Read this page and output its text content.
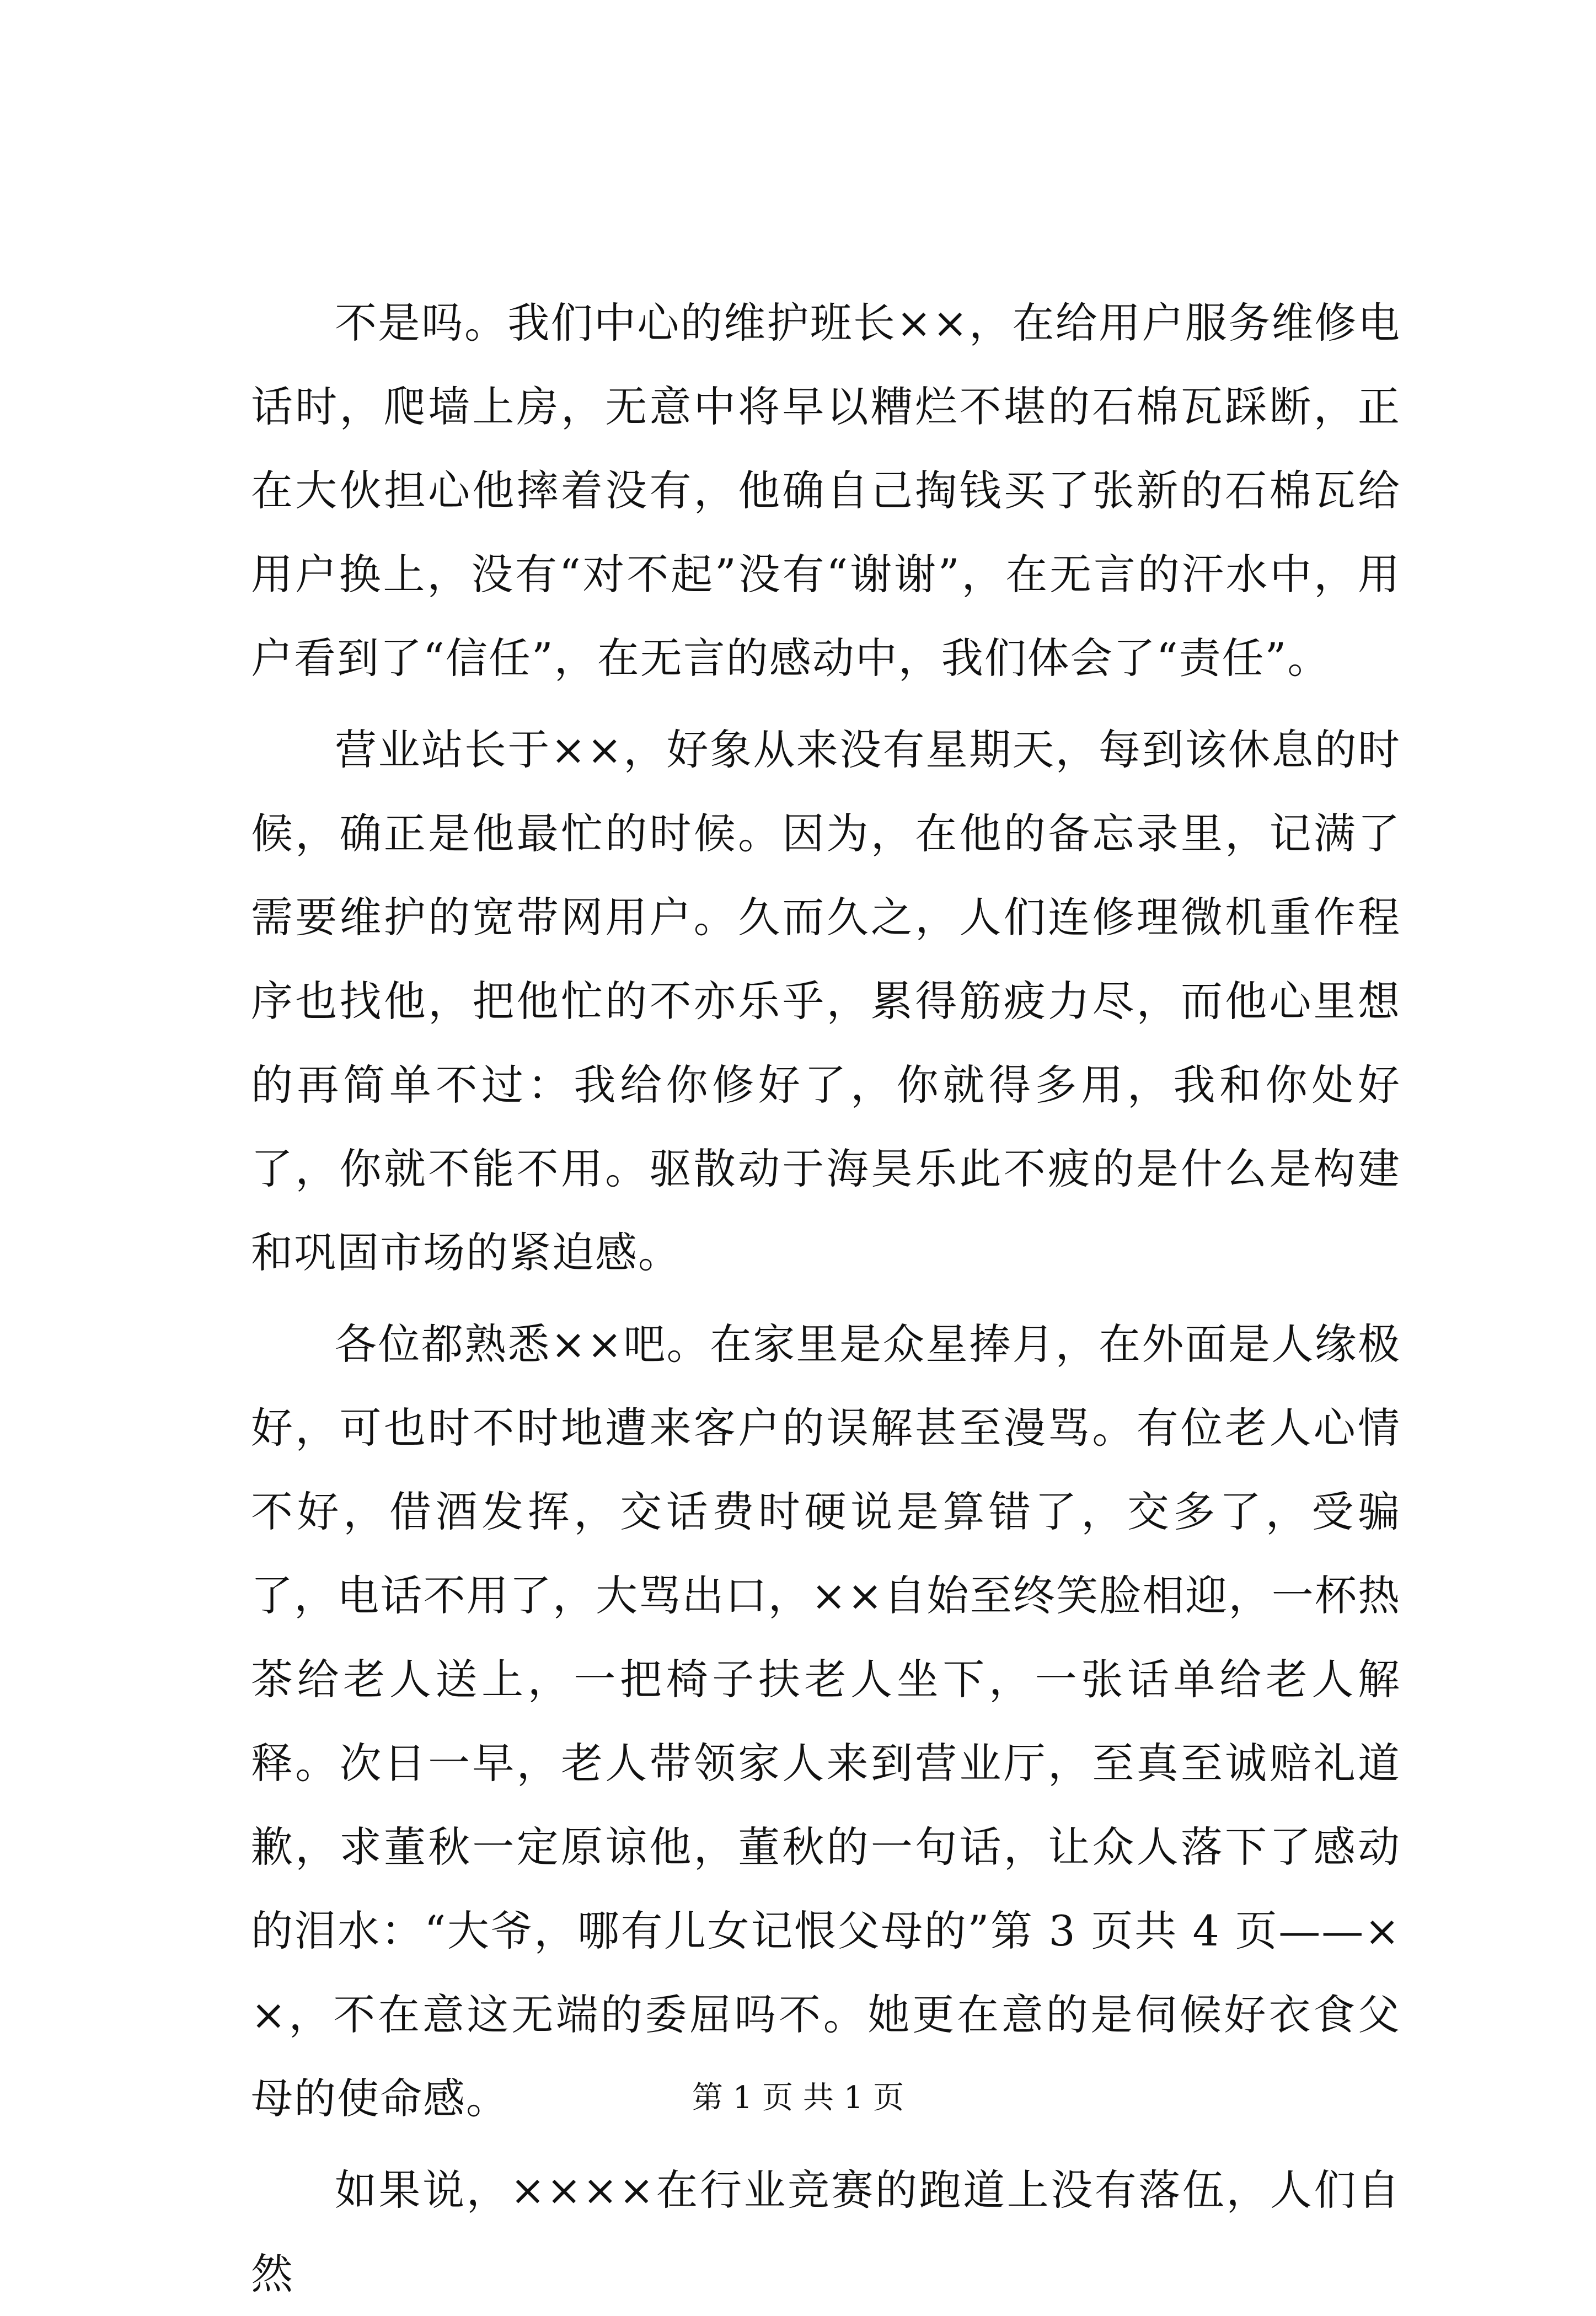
不是吗。我们中心的维护班长××，在给用户服务维修电话时，爬墙上房，无意中将早以糟烂不堪的石棉瓦踩断，正在大伙担心他摔着没有，他确自己掏钱买了张新的石棉瓦给用户换上，没有“对不起”没有“谢谢”，在无言的汗水中，用户看到了“信任”，在无言的感动中，我们体会了“责任”。

营业站长于××，好象从来没有星期天，每到该休息的时候，确正是他最忙的时候。因为，在他的备忘录里，记满了需要维护的宽带网用户。久而久之，人们连修理微机重作程序也找他，把他忙的不亦乐乎，累得筋疲力尽，而他心里想的再简单不过：我给你修好了，你就得多用，我和你处好了，你就不能不用。驱散动于海昊乐此不疲的是什么是构建和巩固市场的紧迫感。

各位都熟悉××吧。在家里是众星捧月，在外面是人缘极好，可也时不时地遭来客户的误解甚至漫骂。有位老人心情不好，借酒发挥，交话费时硬说是算错了，交多了，受骗了，电话不用了，大骂出口，××自始至终笑脸相迎，一杯热茶给老人送上，一把椅子扶老人坐下，一张话单给老人解释。次日一早，老人带领家人来到营业厅，至真至诚赔礼道歉，求董秋一定原谅他，董秋的一句话，让众人落下了感动的泪水：“大爷，哪有儿女记恨父母的”第 3 页共 4 页——××，不在意这无端的委屈吗不。她更在意的是伺候好衣食父母的使命感。

如果说，××××在行业竞赛的跑道上没有落伍，人们自然

第 1 页 共 1 页
